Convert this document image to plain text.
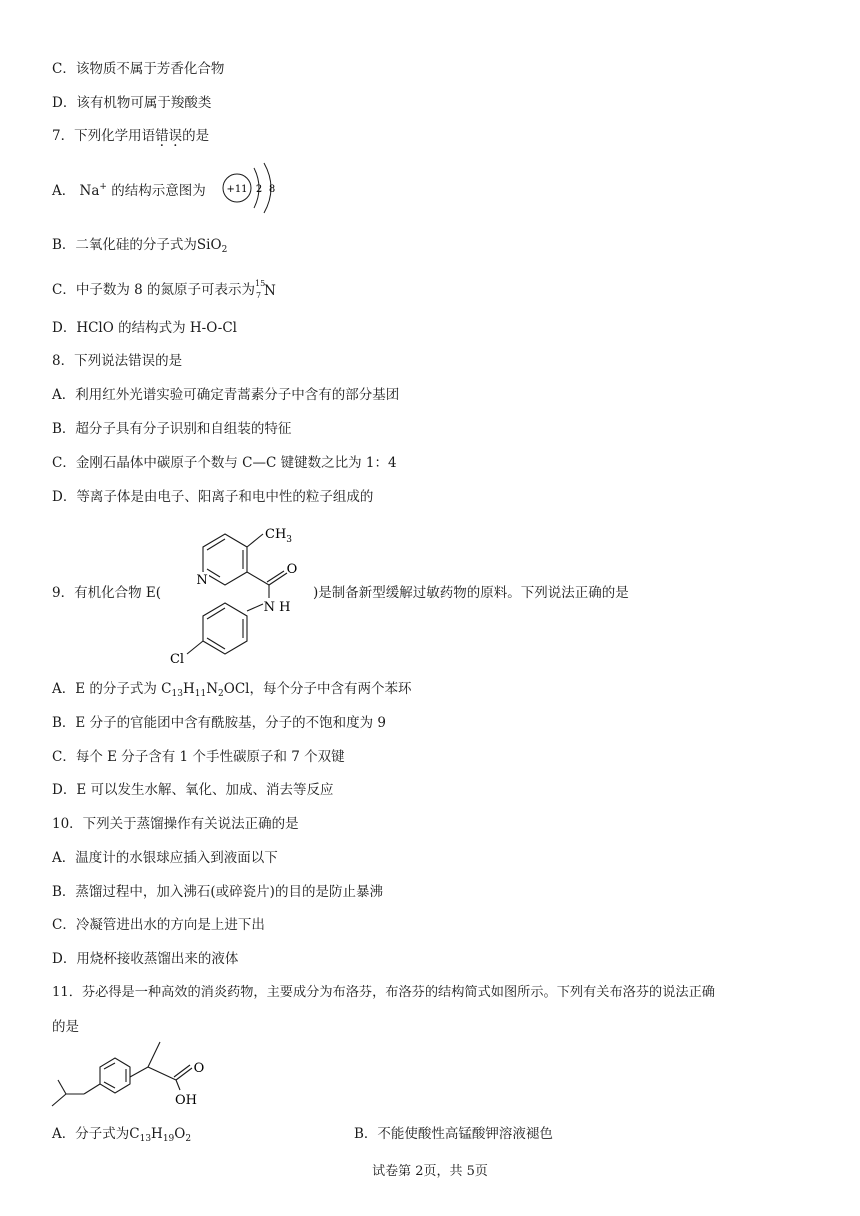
C．该物质不属于芳香化合物
D．该有机物可属于羧酸类
7．下列化学用语错误的是
A． Na+ 的结构示意图为 +11 2 8
B．二氧化硅的分子式为SiO$_2$
C．中子数为 8 的氮原子可表示为 15
7 N
D．HClO 的结构式为 H-O-Cl
8．下列说法错误的是
A．利用红外光谱实验可确定青蒿素分子中含有的部分基团
B．超分子具有分子识别和自组装的特征
C．金刚石晶体中碳原子个数与 C—C 键键数之比为 1：4
D．等离子体是由电子、阳离子和电中性的粒子组成的
9．有机化合物 E(
N
$CH_3$
O
N H
Cl
)是制备新型缓解过敏药物的原料。下列说法正确的是
A．E 的分子式为 $C_{13}H_{11}N_2OCl$，每个分子中含有两个苯环
B．E 分子的官能团中含有酰胺基，分子的不饱和度为 9
C．每个 E 分子含有 1 个手性碳原子和 7 个双键
D．E 可以发生水解、氧化、加成、消去等反应
10．下列关于蒸馏操作有关说法正确的是
A．温度计的水银球应插入到液面以下
B．蒸馏过程中，加入沸石(或碎瓷片)的目的是防止暴沸
C．冷凝管进出水的方向是上进下出
D．用烧杯接收蒸馏出来的液体
11．芬必得是一种高效的消炎药物，主要成分为布洛芬，布洛芬的结构简式如图所示。下列有关布洛芬的说法正确
的是
O
OH
A．分子式为$C_{13}H_{19}O_2$	B．不能使酸性高锰酸钾溶液褪色
试卷第 2页，共 5页
